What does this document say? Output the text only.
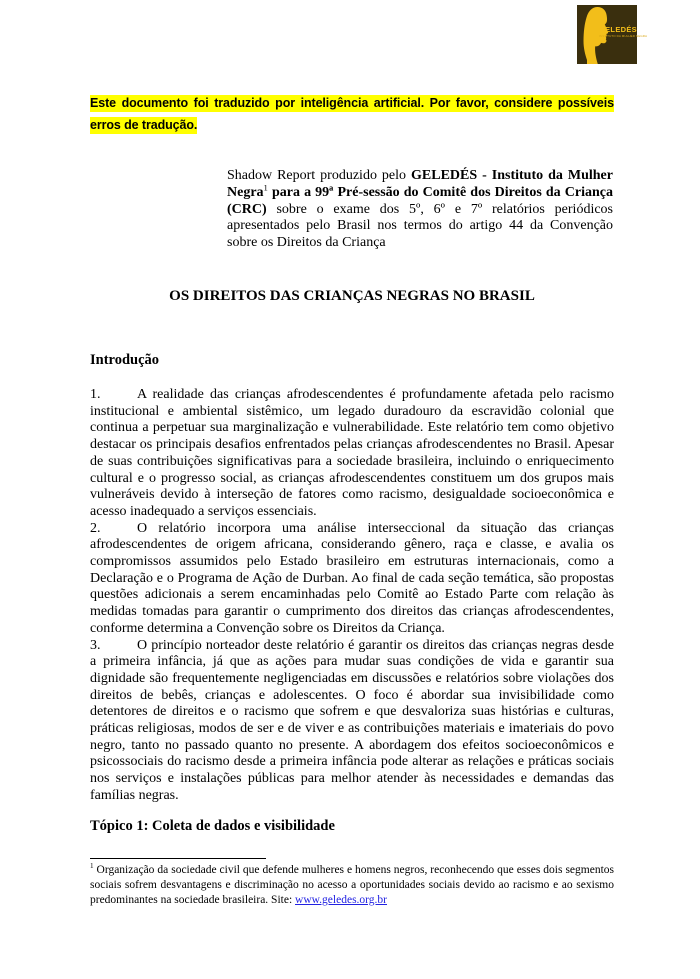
GELEDÉS
INSTITUTO DA MULHER NEGRA
Este documento foi traduzido por inteligência artificial. Por favor, considere possíveis erros de tradução.

Shadow Report produzido pelo GELEDÉS - Instituto da Mulher Negra$^1$ para a 99ª Pré-sessão do Comitê dos Direitos da Criança (CRC) sobre o exame dos 5º, 6º e 7º relatórios periódicos apresentados pelo Brasil nos termos do artigo 44 da Convenção sobre os Direitos da Criança

OS DIREITOS DAS CRIANÇAS NEGRAS NO BRASIL
Introdução

1.	A realidade das crianças afrodescendentes é profundamente afetada pelo racismo institucional e ambiental sistêmico, um legado duradouro da escravidão colonial que continua a perpetuar sua marginalização e vulnerabilidade. Este relatório tem como objetivo destacar os principais desafios enfrentados pelas crianças afrodescendentes no Brasil. Apesar de suas contribuições significativas para a sociedade brasileira, incluindo o enriquecimento cultural e o progresso social, as crianças afrodescendentes constituem um dos grupos mais vulneráveis devido à interseção de fatores como racismo, desigualdade socioeconômica e acesso inadequado a serviços essenciais.

2.	O relatório incorpora uma análise interseccional da situação das crianças afrodescendentes de origem africana, considerando gênero, raça e classe, e avalia os compromissos assumidos pelo Estado brasileiro em estruturas internacionais, como a Declaração e o Programa de Ação de Durban. Ao final de cada seção temática, são propostas questões adicionais a serem encaminhadas pelo Comitê ao Estado Parte com relação às medidas tomadas para garantir o cumprimento dos direitos das crianças afrodescendentes, conforme determina a Convenção sobre os Direitos da Criança.

3.	O princípio norteador deste relatório é garantir os direitos das crianças negras desde a primeira infância, já que as ações para mudar suas condições de vida e garantir sua dignidade são frequentemente negligenciadas em discussões e relatórios sobre violações dos direitos de bebês, crianças e adolescentes. O foco é abordar sua invisibilidade como detentores de direitos e o racismo que sofrem e que desvaloriza suas histórias e culturas, práticas religiosas, modos de ser e de viver e as contribuições materiais e imateriais do povo negro, tanto no passado quanto no presente. A abordagem dos efeitos socioeconômicos e psicossociais do racismo desde a primeira infância pode alterar as relações e práticas sociais nos serviços e instalações públicas para melhor atender às necessidades e demandas das famílias negras.

Tópico 1: Coleta de dados e visibilidade
$^1$ Organização da sociedade civil que defende mulheres e homens negros, reconhecendo que esses dois segmentos sociais sofrem desvantagens e discriminação no acesso a oportunidades sociais devido ao racismo e ao sexismo predominantes na sociedade brasileira. Site: www.geledes.org.br
